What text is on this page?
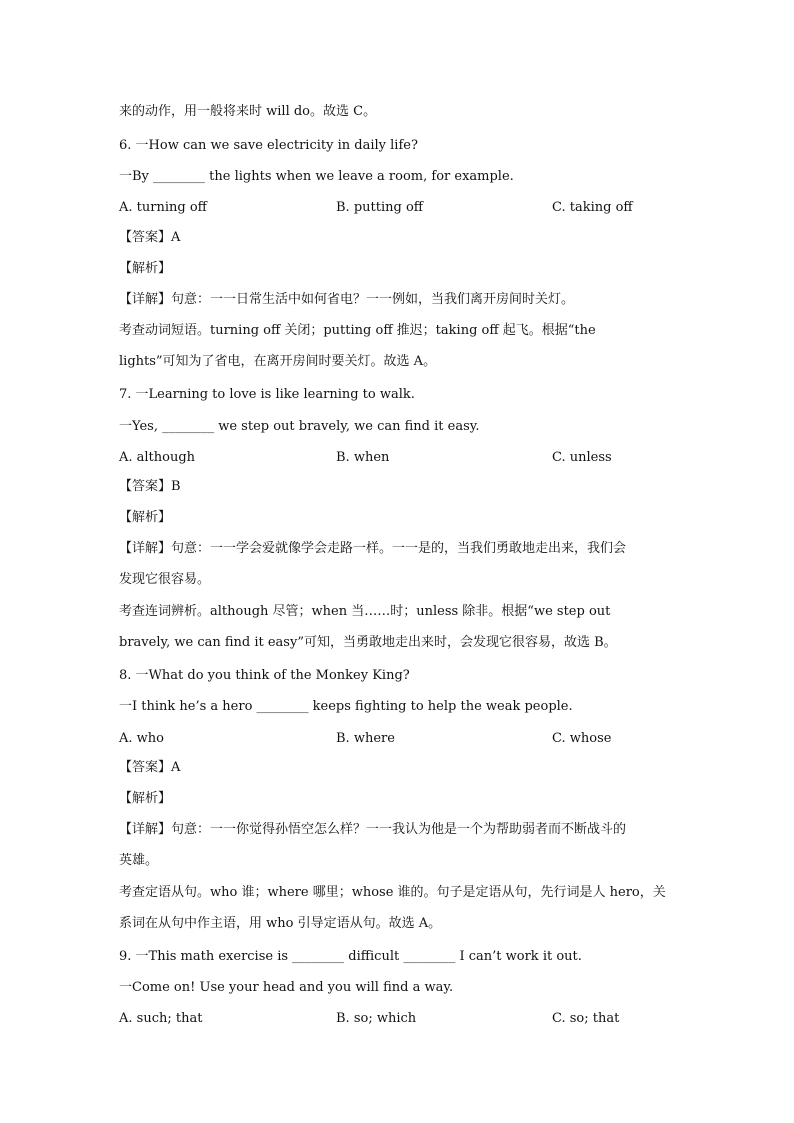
来的动作，用一般将来时 will do。故选 C。
6. 一How can we save electricity in daily life?
一By ________ the lights when we leave a room, for example.
A. turning off	B. putting off	C. taking off
【答案】A
【解析】
【详解】句意：一一日常生活中如何省电？一一例如，当我们离开房间时关灯。
考查动词短语。turning off 关闭；putting off 推迟；taking off 起飞。根据“the
lights”可知为了省电，在离开房间时要关灯。故选 A。
7. 一Learning to love is like learning to walk.
一Yes, ________ we step out bravely, we can find it easy.
A. although	B. when	C. unless
【答案】B
【解析】
【详解】句意：一一学会爱就像学会走路一样。一一是的，当我们勇敢地走出来，我们会
发现它很容易。
考查连词辨析。although 尽管；when 当……时；unless 除非。根据“we step out
bravely, we can find it easy”可知，当勇敢地走出来时，会发现它很容易，故选 B。
8. 一What do you think of the Monkey King?
一I think he’s a hero ________ keeps fighting to help the weak people.
A. who	B. where	C. whose
【答案】A
【解析】
【详解】句意：一一你觉得孙悟空怎么样？一一我认为他是一个为帮助弱者而不断战斗的
英雄。
考查定语从句。who 谁；where 哪里；whose 谁的。句子是定语从句，先行词是人 hero，关
系词在从句中作主语，用 who 引导定语从句。故选 A。
9. 一This math exercise is ________ difficult ________ I can’t work it out.
一Come on! Use your head and you will find a way.
A. such; that	B. so; which	C. so; that
